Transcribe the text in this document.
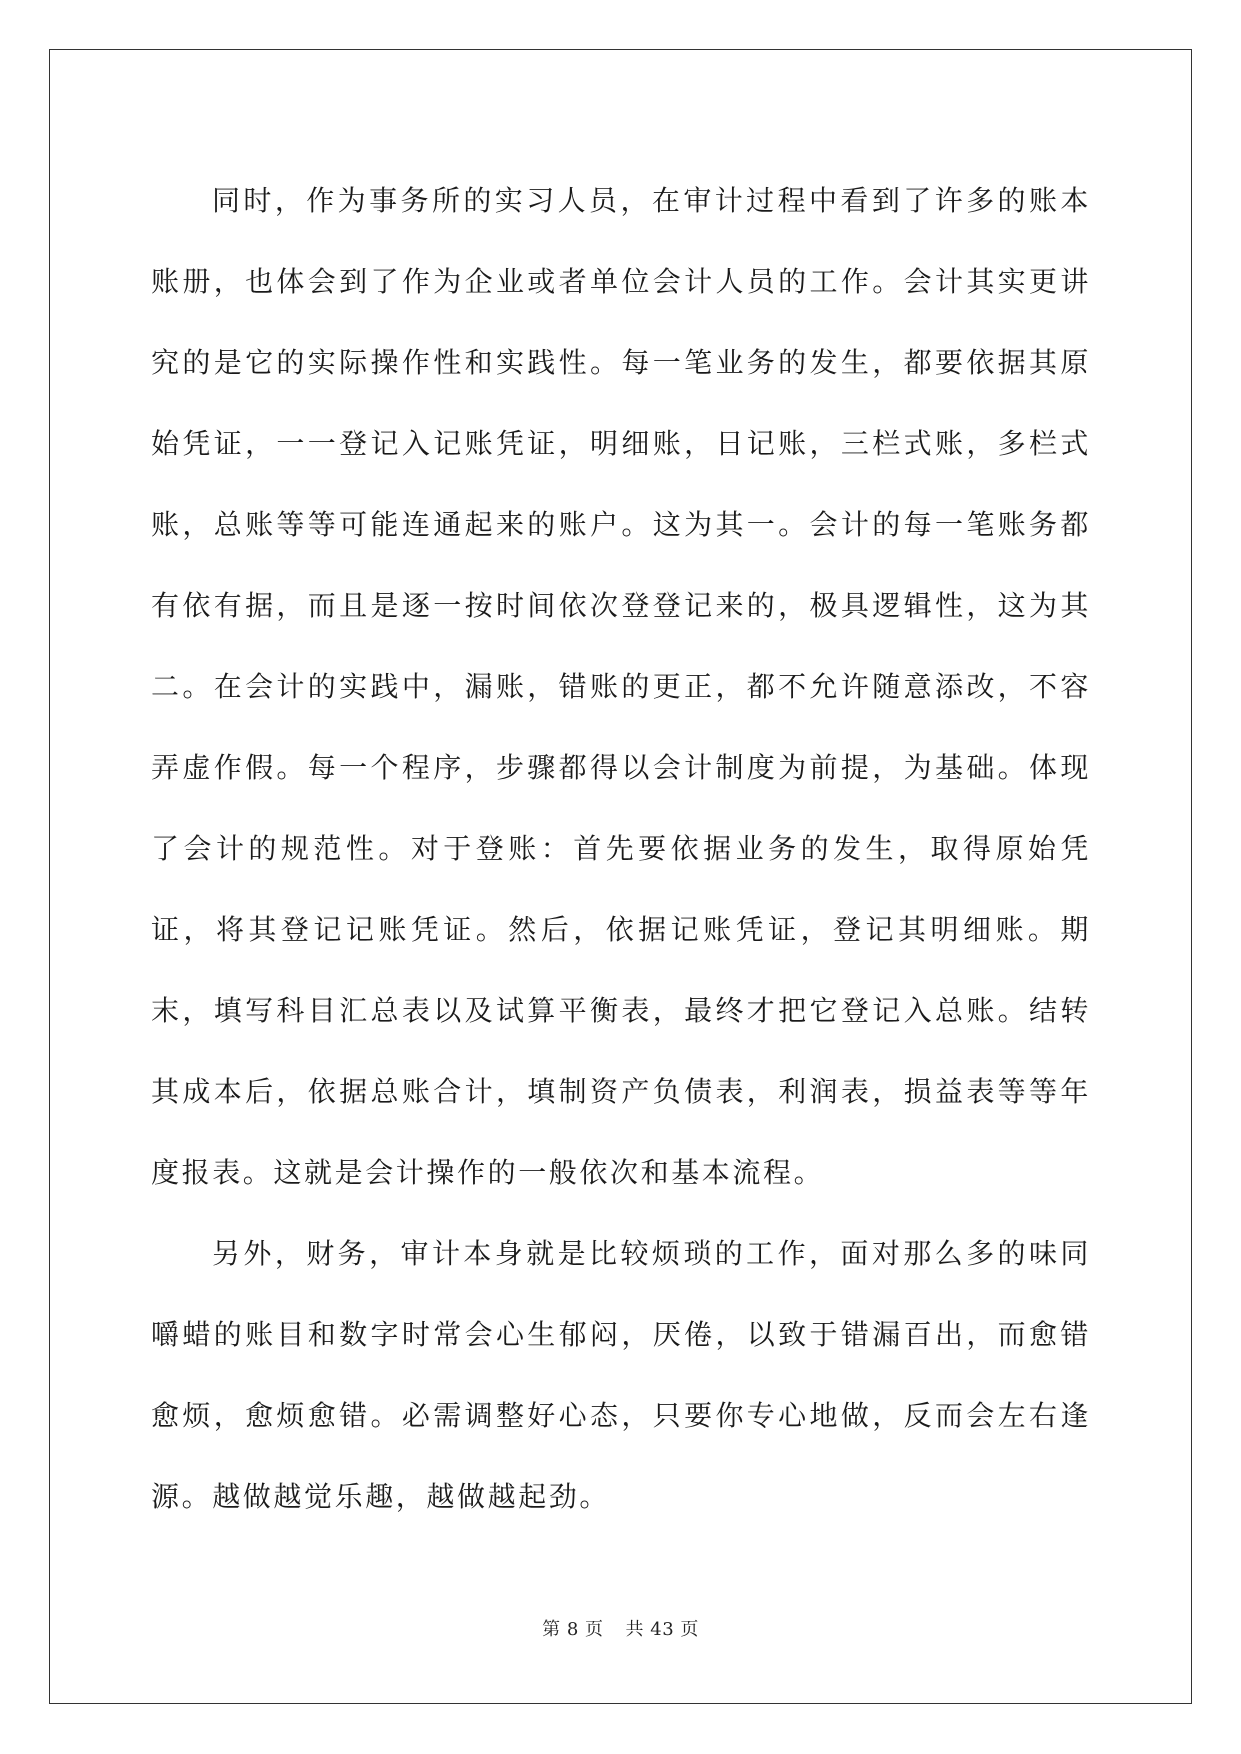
同时，作为事务所的实习人员，在审计过程中看到了许多的账本账册，也体会到了作为企业或者单位会计人员的工作。会计其实更讲究的是它的实际操作性和实践性。每一笔业务的发生，都要依据其原始凭证，一一登记入记账凭证，明细账，日记账，三栏式账，多栏式账，总账等等可能连通起来的账户。这为其一。会计的每一笔账务都有依有据，而且是逐一按时间依次登登记来的，极具逻辑性，这为其二。在会计的实践中，漏账，错账的更正，都不允许随意添改，不容弄虚作假。每一个程序，步骤都得以会计制度为前提，为基础。体现了会计的规范性。对于登账：首先要依据业务的发生，取得原始凭证，将其登记记账凭证。然后，依据记账凭证，登记其明细账。期末，填写科目汇总表以及试算平衡表，最终才把它登记入总账。结转其成本后，依据总账合计，填制资产负债表，利润表，损益表等等年度报表。这就是会计操作的一般依次和基本流程。

另外，财务，审计本身就是比较烦琐的工作，面对那么多的味同嚼蜡的账目和数字时常会心生郁闷，厌倦，以致于错漏百出，而愈错愈烦，愈烦愈错。必需调整好心态，只要你专心地做，反而会左右逢源。越做越觉乐趣，越做越起劲。

第 8 页 共 43 页
